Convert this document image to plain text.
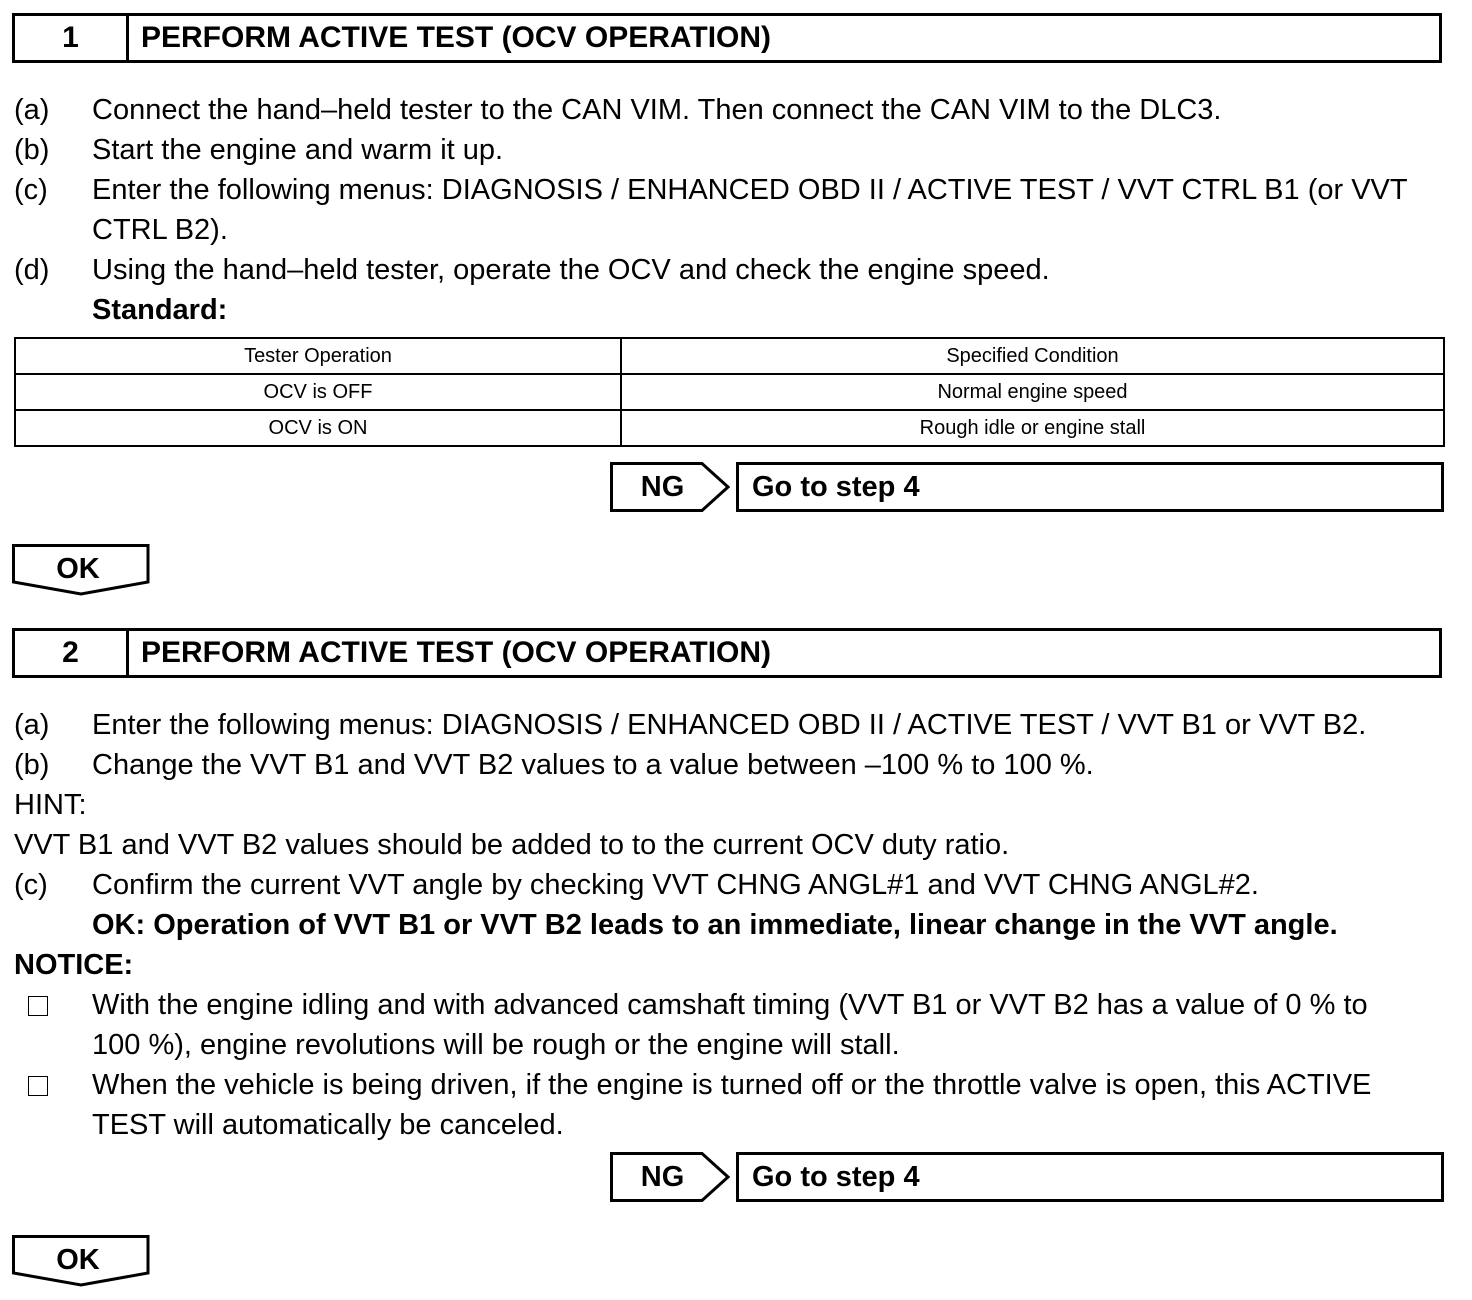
1	PERFORM ACTIVE TEST (OCV OPERATION)
(a) Connect the hand–held tester to the CAN VIM. Then connect the CAN VIM to the DLC3.
(b) Start the engine and warm it up.
(c) Enter the following menus: DIAGNOSIS / ENHANCED OBD II / ACTIVE TEST / VVT CTRL B1 (or VVT
CTRL B2).
(d) Using the hand–held tester, operate the OCV and check the engine speed.
Standard:
Tester Operation	Specified Condition
OCV is OFF	Normal engine speed
OCV is ON	Rough idle or engine stall
NG	Go to step 4
OK
2	PERFORM ACTIVE TEST (OCV OPERATION)
(a) Enter the following menus: DIAGNOSIS / ENHANCED OBD II / ACTIVE TEST / VVT B1 or VVT B2.
(b) Change the VVT B1 and VVT B2 values to a value between –100 % to 100 %.
HINT:
VVT B1 and VVT B2 values should be added to to the current OCV duty ratio.
(c) Confirm the current VVT angle by checking VVT CHNG ANGL#1 and VVT CHNG ANGL#2.
OK: Operation of VVT B1 or VVT B2 leads to an immediate, linear change in the VVT angle.
NOTICE:
With the engine idling and with advanced camshaft timing (VVT B1 or VVT B2 has a value of 0 % to
100 %), engine revolutions will be rough or the engine will stall.
When the vehicle is being driven, if the engine is turned off or the throttle valve is open, this ACTIVE
TEST will automatically be canceled.
NG	Go to step 4
OK
